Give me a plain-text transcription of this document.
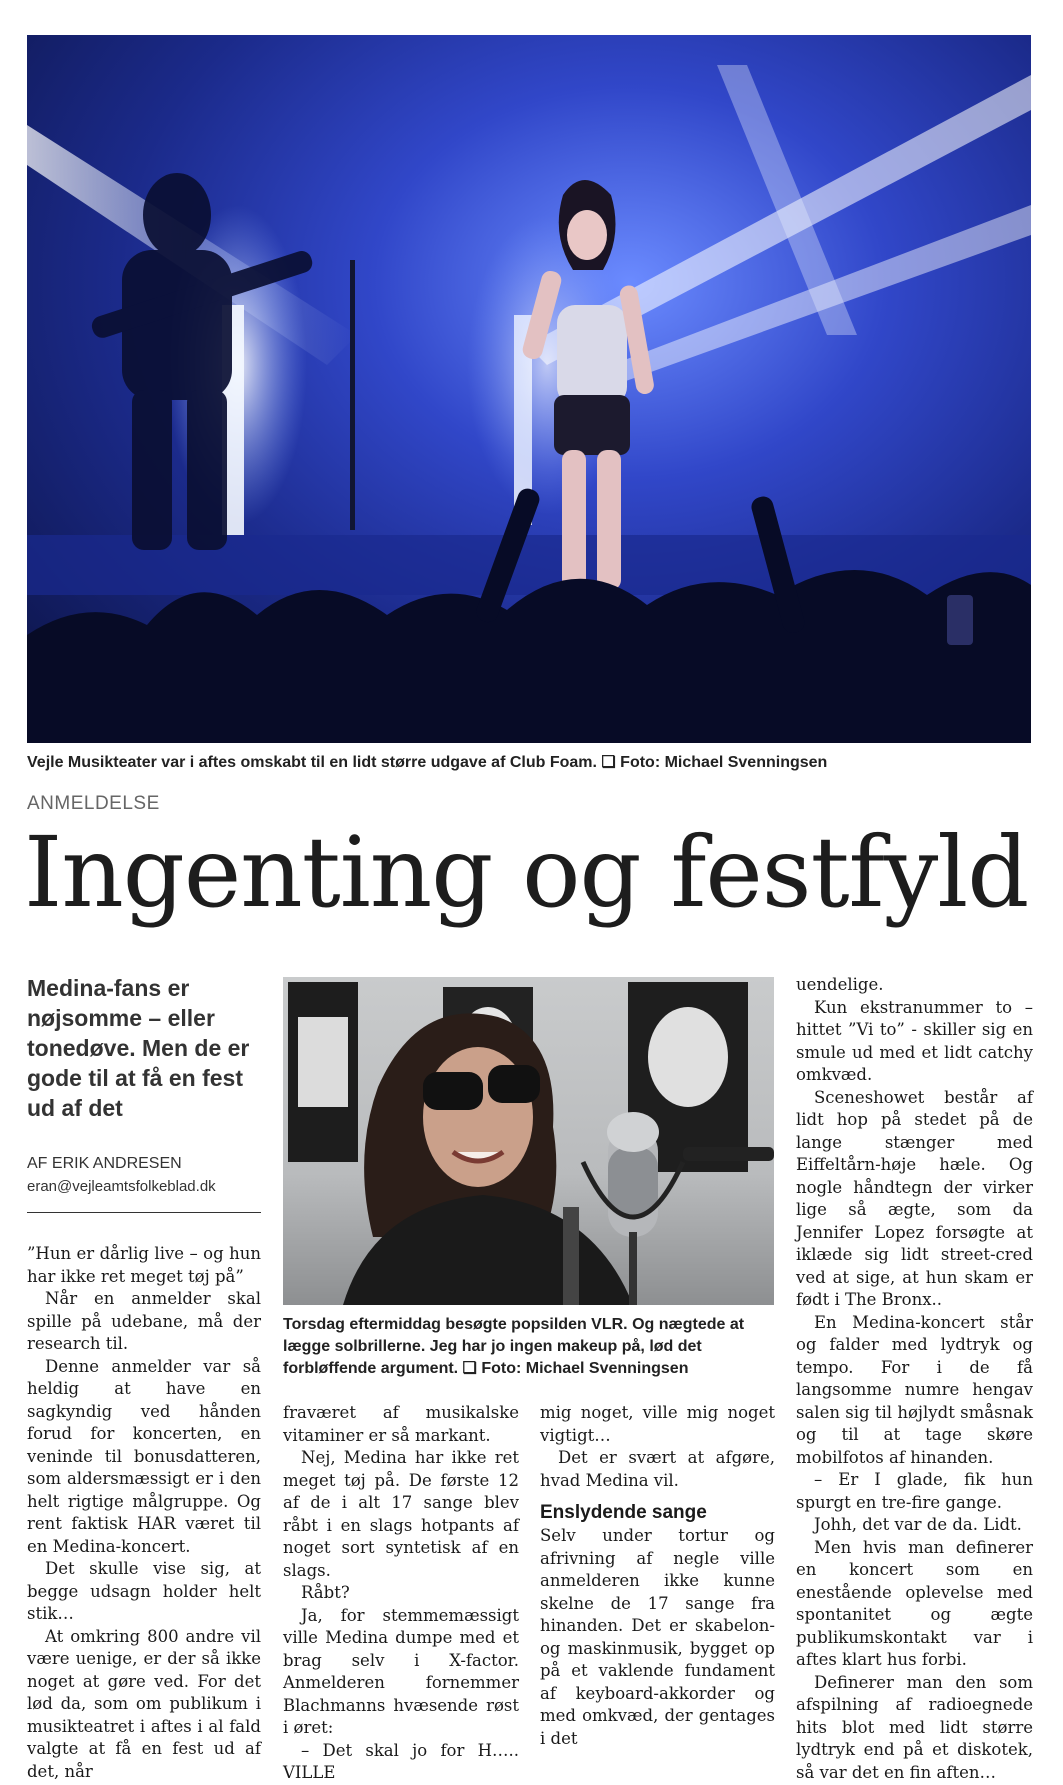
Vejle Musikteater var i aftes omskabt til en lidt større udgave af Club Foam. ❏ Foto: Michael Svenningsen
ANMELDELSE
Ingenting og festfyld
Medina-fans er nøjsomme – eller tonedøve. Men de er gode til at få en fest ud af det
AF ERIK ANDRESEN
eran@vejleamtsfolkeblad.dk
Torsdag eftermiddag besøgte popsilden VLR. Og nægtede at lægge solbrillerne. Jeg har jo ingen makeup på, lød det forbløffende argument. ❏ Foto: Michael Svenningsen

”Hun er dårlig live – og hun har ikke ret meget tøj på”

Når en anmelder skal spille på udebane, må der research til.

Denne anmelder var så heldig at have en sagkyndig ved hånden forud for koncerten, en veninde til bonusdatteren, som aldersmæssigt er i den helt rigtige målgruppe. Og rent faktisk HAR været til en Medina-koncert.

Det skulle vise sig, at begge udsagn holder helt stik…

At omkring 800 andre vil være uenige, er der så ikke noget at gøre ved. For det lød da, som om publikum i musikteatret i aftes i al fald valgte at få en fest ud af det, når

fraværet af musikalske vitaminer er så markant.

Nej, Medina har ikke ret meget tøj på. De første 12 af de i alt 17 sange blev råbt i en slags hotpants af noget sort syntetisk af en slags.

Råbt?

Ja, for stemmemæssigt ville Medina dumpe med et brag selv i X-factor. Anmelderen fornemmer Blachmanns hvæsende røst i øret:

– Det skal jo for H….. VILLE

mig noget, ville mig noget vigtigt…

Det er svært at afgøre, hvad Medina vil.

Enslydende sange

Selv under tortur og afrivning af negle ville anmelderen ikke kunne skelne de 17 sange fra hinanden. Det er skabelon- og maskinmusik, bygget op på et vaklende fundament af keyboard-akkorder og med omkvæd, der gentages i det

uendelige.

Kun ekstranummer to – hittet ”Vi to” - skiller sig en smule ud med et lidt catchy omkvæd.

Sceneshowet består af lidt hop på stedet på de lange stænger med Eiffeltårn-høje hæle. Og nogle håndtegn der virker lige så ægte, som da Jennifer Lopez forsøgte at iklæde sig lidt street-cred ved at sige, at hun skam er født i The Bronx..

En Medina-koncert står og falder med lydtryk og tempo. For i de få langsomme numre hengav salen sig til højlydt småsnak og til at tage skøre mobilfotos af hinanden.

– Er I glade, fik hun spurgt en tre-fire gange.

Johh, det var de da. Lidt.

Men hvis man definerer en koncert som en enestående oplevelse med spontanitet og ægte publikumskontakt var i aftes klart hus forbi.

Definerer man den som afspilning af radioegnede hits blot med lidt større lydtryk end på et diskotek, så var det en fin aften…
